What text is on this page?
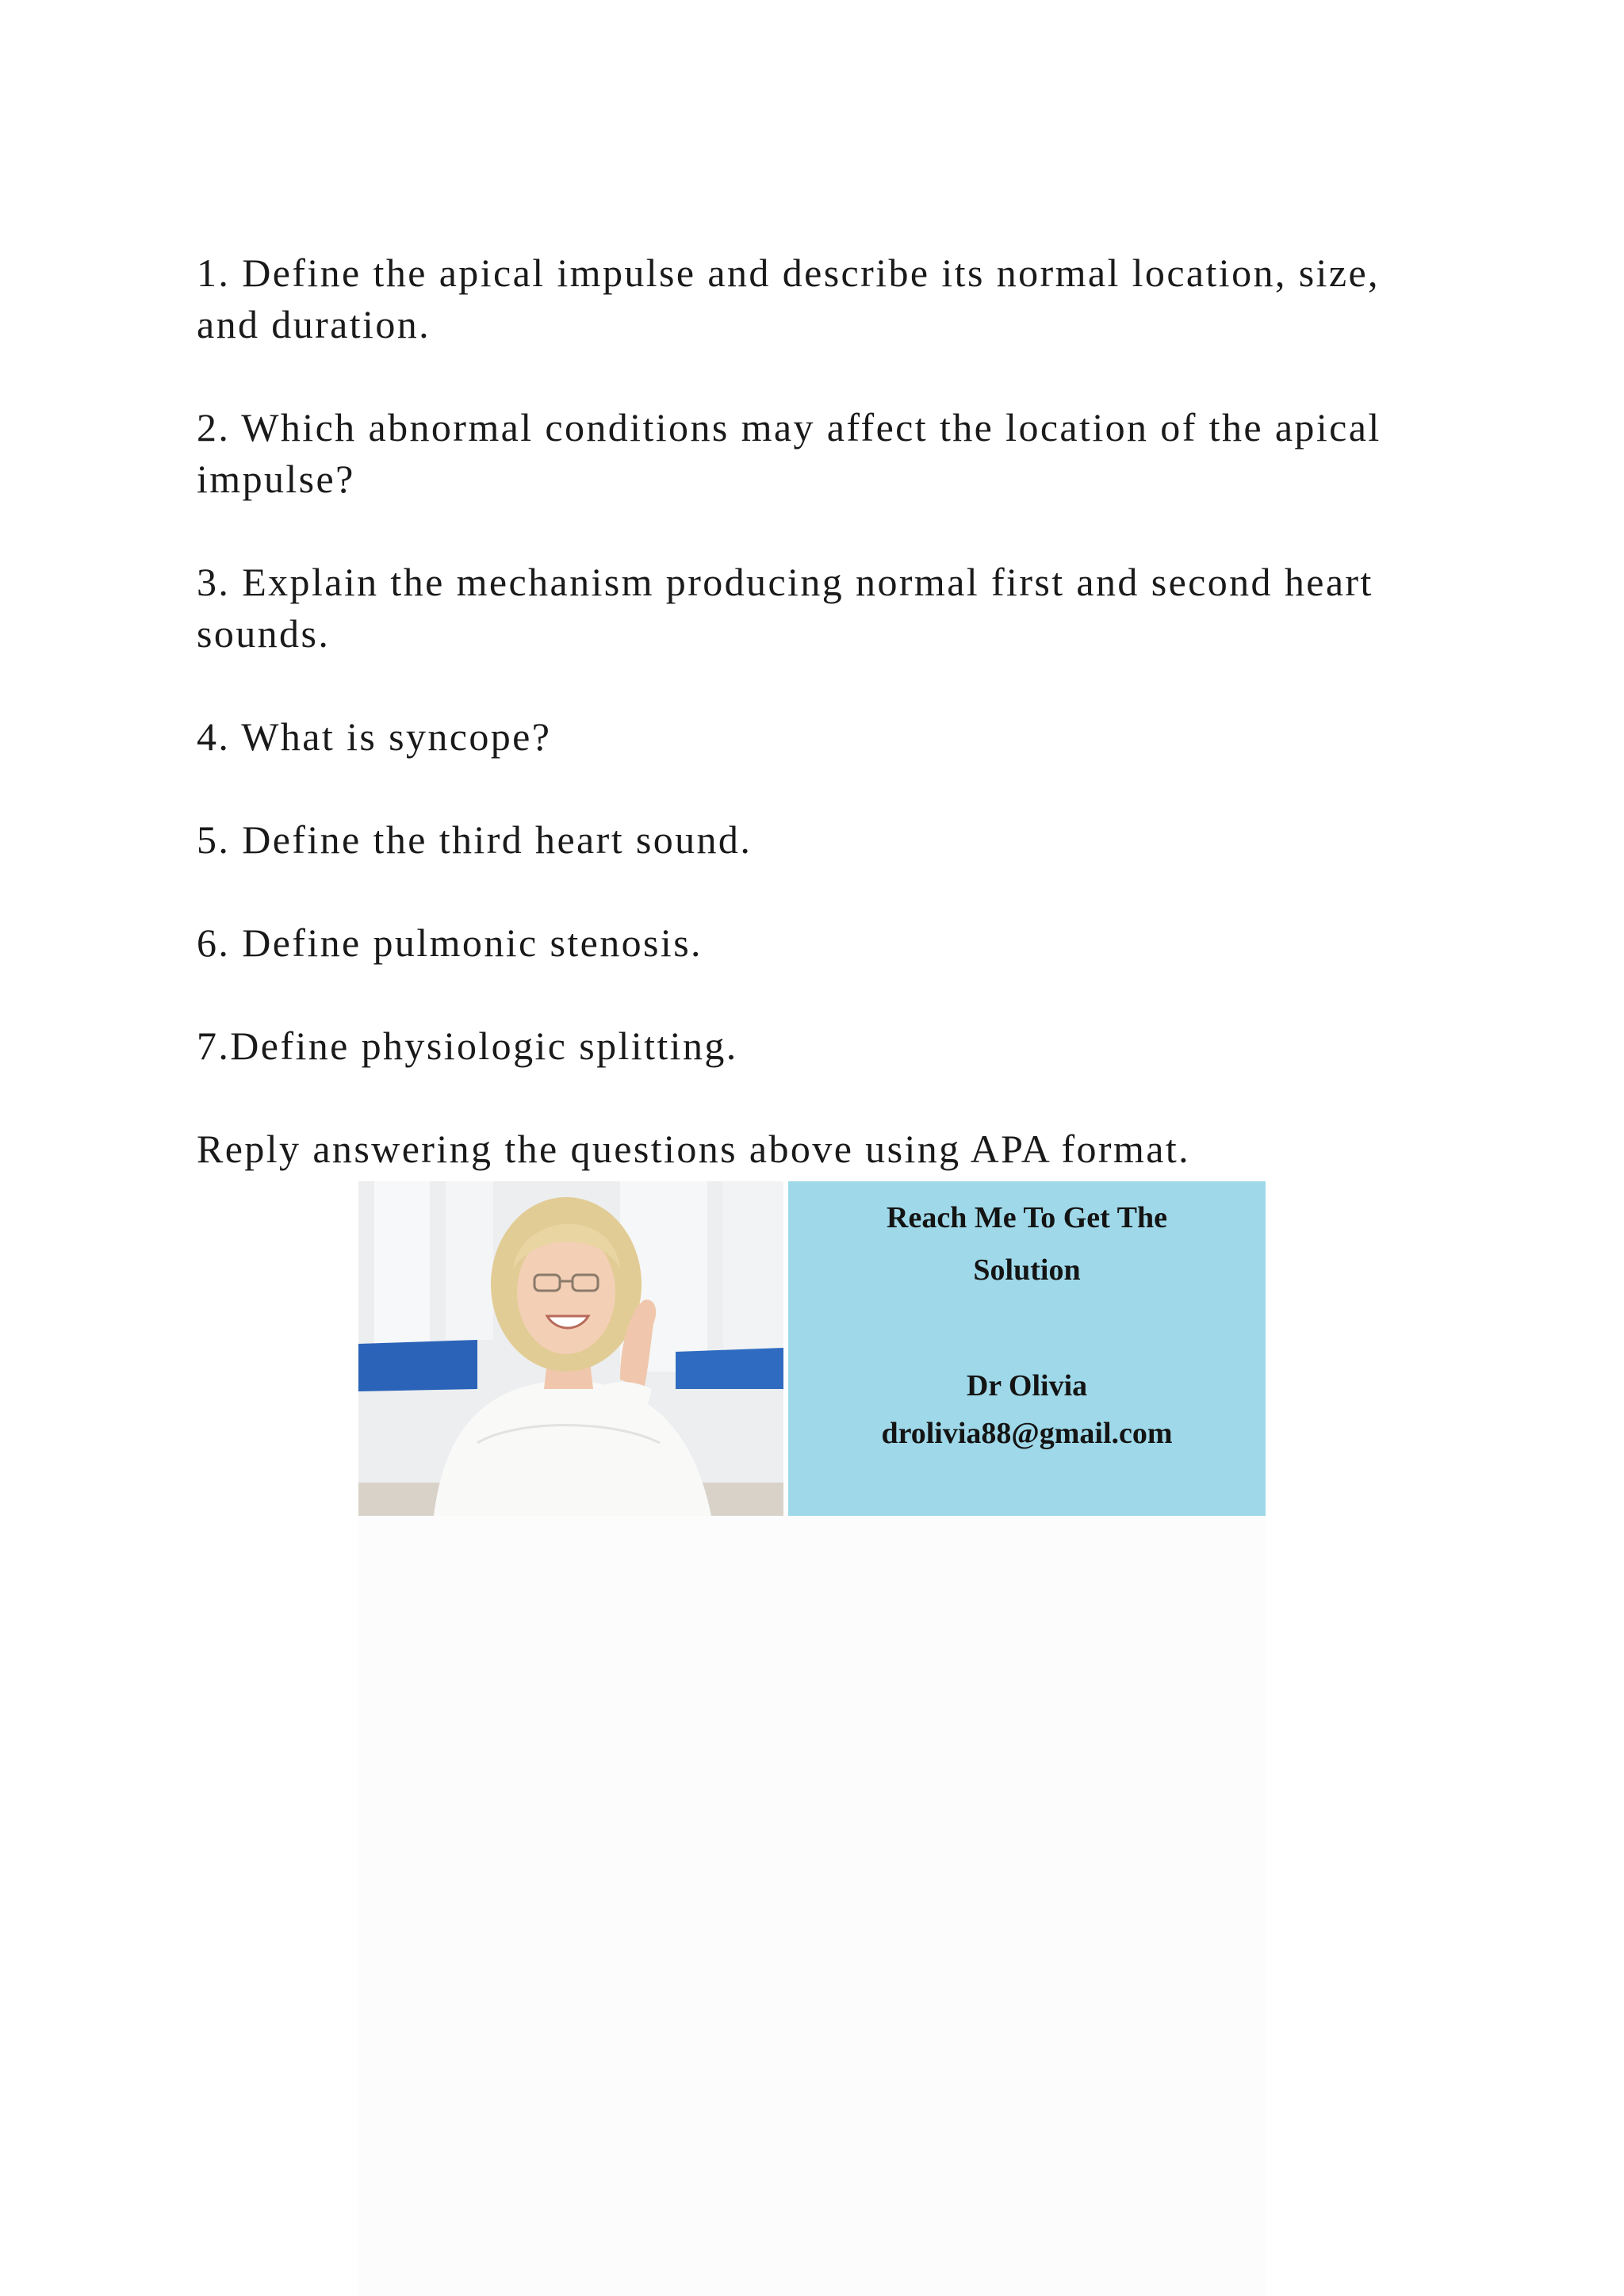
1. Define the apical impulse and describe its normal location, size, and duration.

2. Which abnormal conditions may affect the location of the apical impulse?

3. Explain the mechanism producing normal first and second heart sounds.

4. What is syncope?

5. Define the third heart sound.

6. Define pulmonic stenosis.

7.Define physiologic splitting.

Reply answering the questions above using APA format.

Reach Me To Get The
Solution
Dr Olivia
drolivia88@gmail.com
